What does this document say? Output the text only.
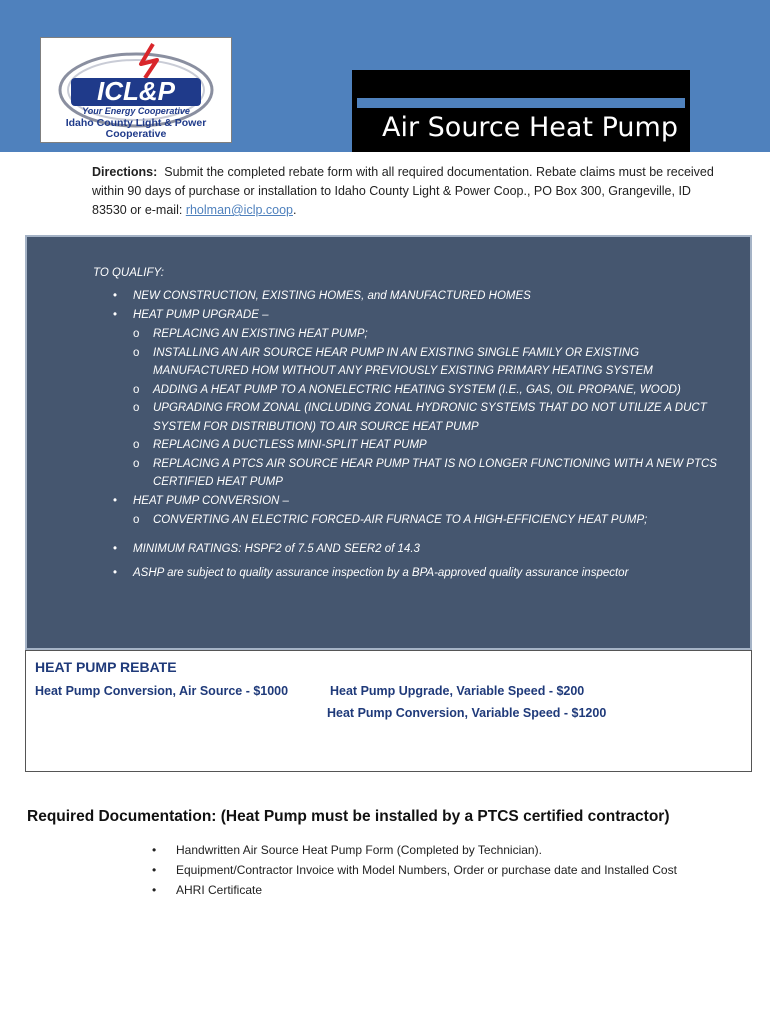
ICL&P
Your Energy Cooperative
Idaho County Light & Power
Cooperative	Air Source Heat Pump
Directions: Submit the completed rebate form with all required documentation. Rebate claims must be received within 90 days of purchase or installation to Idaho County Light & Power Coop., PO Box 300, Grangeville, ID 83530 or e-mail: rholman@iclp.coop.
TO QUALIFY:
• NEW CONSTRUCTION, EXISTING HOMES, and MANUFACTURED HOMES
• HEAT PUMP UPGRADE –
o REPLACING AN EXISTING HEAT PUMP;
o INSTALLING AN AIR SOURCE HEAR PUMP IN AN EXISTING SINGLE FAMILY OR EXISTING MANUFACTURED HOM WITHOUT ANY PREVIOUSLY EXISTING PRIMARY HEATING SYSTEM
o ADDING A HEAT PUMP TO A NONELECTRIC HEATING SYSTEM (I.E., GAS, OIL PROPANE, WOOD)
o UPGRADING FROM ZONAL (INCLUDING ZONAL HYDRONIC SYSTEMS THAT DO NOT UTILIZE A DUCT SYSTEM FOR DISTRIBUTION) TO AIR SOURCE HEAT PUMP
o REPLACING A DUCTLESS MINI-SPLIT HEAT PUMP
o REPLACING A PTCS AIR SOURCE HEAR PUMP THAT IS NO LONGER FUNCTIONING WITH A NEW PTCS CERTIFIED HEAT PUMP
• HEAT PUMP CONVERSION –
o CONVERTING AN ELECTRIC FORCED-AIR FURNACE TO A HIGH-EFFICIENCY HEAT PUMP;
• MINIMUM RATINGS: HSPF2 of 7.5 AND SEER2 of 14.3
• ASHP are subject to quality assurance inspection by a BPA-approved quality assurance inspector
HEAT PUMP REBATE
Heat Pump Conversion, Air Source - $1000	Heat Pump Upgrade, Variable Speed - $200
Heat Pump Conversion, Variable Speed - $1200
Required Documentation: (Heat Pump must be installed by a PTCS certified contractor)
• Handwritten Air Source Heat Pump Form (Completed by Technician).
• Equipment/Contractor Invoice with Model Numbers, Order or purchase date and Installed Cost
• AHRI Certificate
